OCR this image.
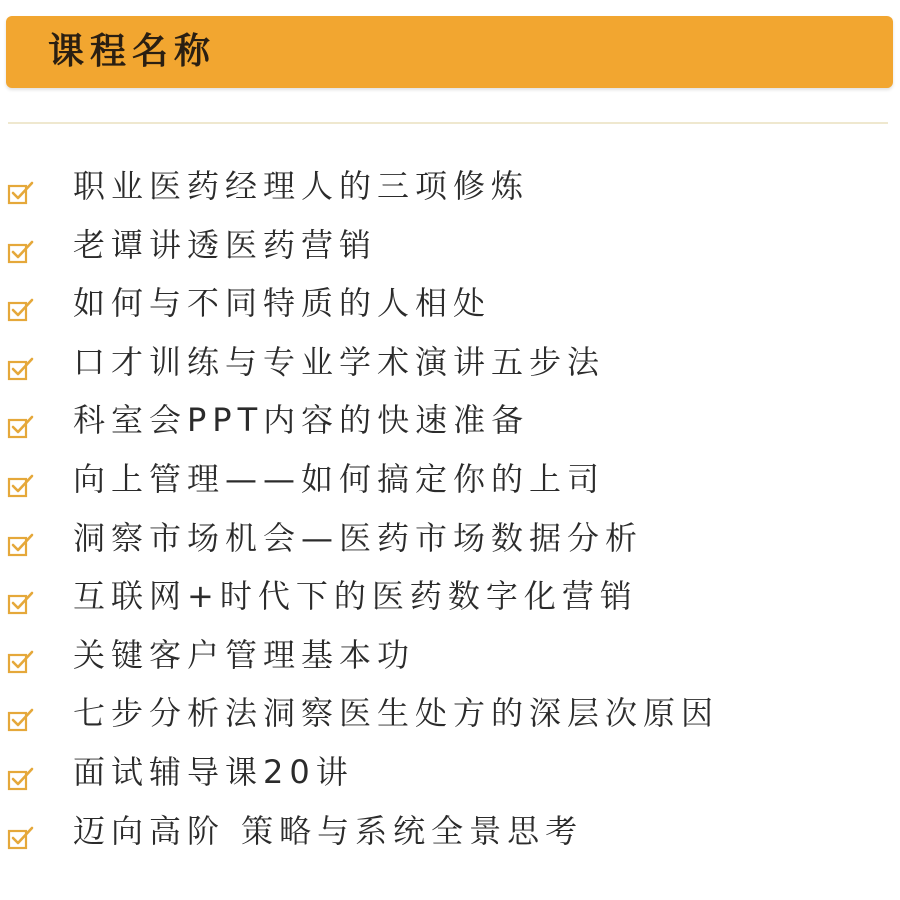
课程名称
职业医药经理人的三项修炼
老谭讲透医药营销
如何与不同特质的人相处
口才训练与专业学术演讲五步法
科室会PPT内容的快速准备
向上管理——如何搞定你的上司
洞察市场机会—医药市场数据分析
互联网+时代下的医药数字化营销
关键客户管理基本功
七步分析法洞察医生处方的深层次原因
面试辅导课20讲
迈向高阶 策略与系统全景思考
